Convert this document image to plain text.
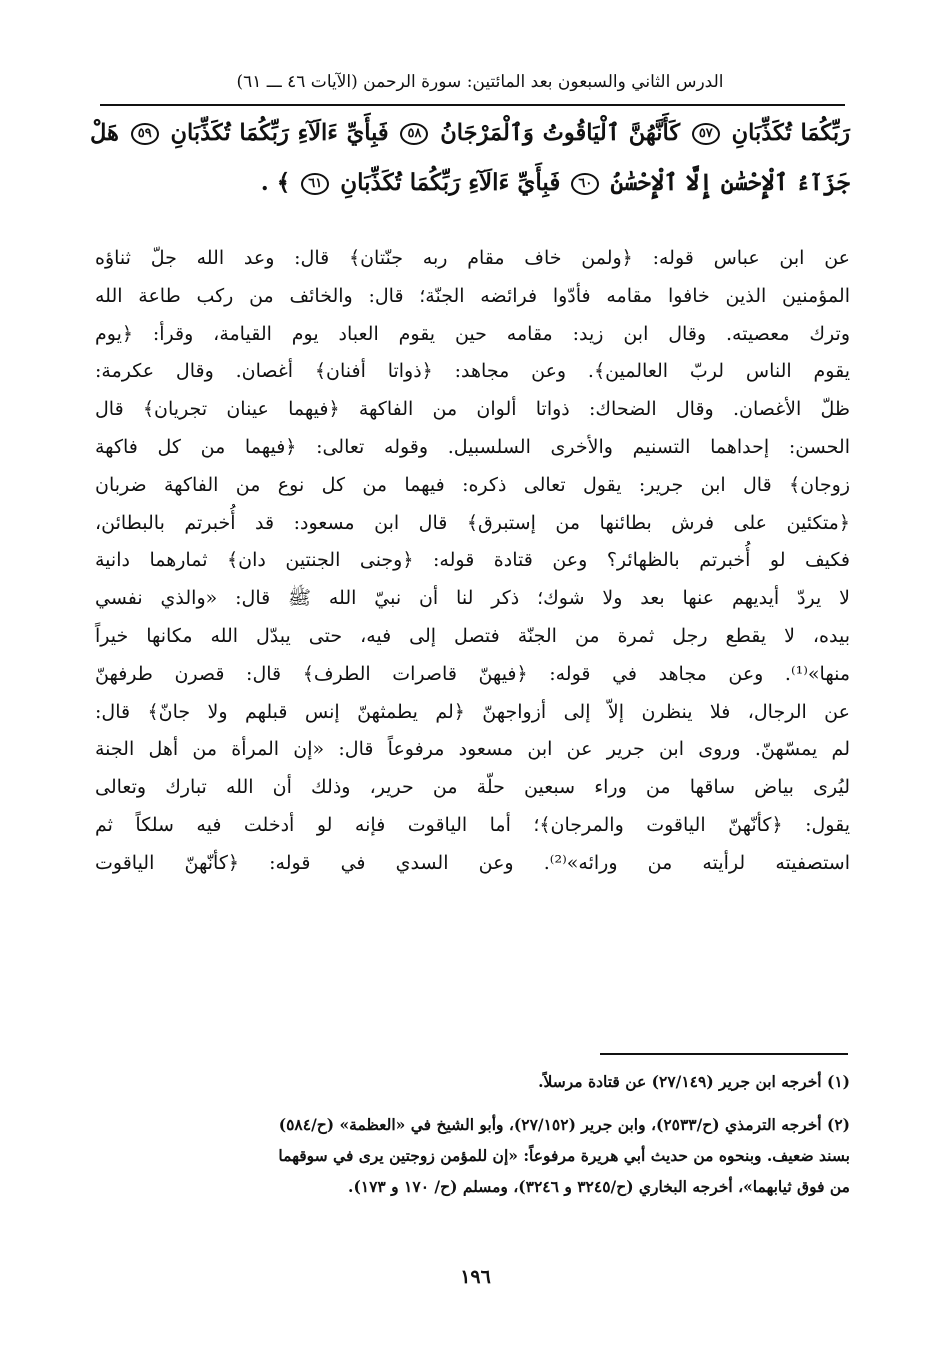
الدرس الثاني والسبعون بعد المائتين: سورة الرحمن (الآيات ٤٦ ـــ ٦١)
رَبِّكُمَا تُكَذِّبَانِ ٥٧ كَأَنَّهُنَّ ٱلْيَاقُوتُ وَٱلْمَرْجَانُ ٥٨ فَبِأَيِّ ءَالَآءِ رَبِّكُمَا تُكَذِّبَانِ ٥٩ هَلْ
جَزَآءُ ٱلْإِحْسَٰنِ إِلَّا ٱلْإِحْسَٰنُ ٦٠ فَبِأَيِّ ءَالَآءِ رَبِّكُمَا تُكَذِّبَانِ ٦١ ﴾ .
عن ابن عباس قوله: ﴿ولمن خاف مقام ربه جنّتان﴾ قال: وعد الله جلّ ثناؤه
المؤمنين الذين خافوا مقامه فأدّوا فرائضه الجنّة؛ قال: والخائف من ركب طاعة الله
وترك معصيته. وقال ابن زيد: مقامه حين يقوم العباد يوم القيامة، وقرأ: ﴿يوم
يقوم الناس لربّ العالمين﴾. وعن مجاهد: ﴿ذواتا أفنان﴾ أغصان. وقال عكرمة:
ظلّ الأغصان. وقال الضحاك: ذواتا ألوان من الفاكهة ﴿فيهما عينان تجريان﴾ قال
الحسن: إحداهما التسنيم والأخرى السلسبيل. وقوله تعالى: ﴿فيهما من كل فاكهة
زوجان﴾ قال ابن جرير: يقول تعالى ذكره: فيهما من كل نوع من الفاكهة ضربان
﴿متكئين على فرش بطائنها من إستبرق﴾ قال ابن مسعود: قد أُخبرتم بالبطائن،
فكيف لو أُخبرتم بالظهائر؟ وعن قتادة قوله: ﴿وجنى الجنتين دان﴾ ثمارهما دانية
لا يردّ أيديهم عنها بعد ولا شوك؛ ذكر لنا أن نبيّ الله ﷺ قال: «والذي نفسي
بيده، لا يقطع رجل ثمرة من الجنّة فتصل إلى فيه، حتى يبدّل الله مكانها خيراً
منها»⁽¹⁾. وعن مجاهد في قوله: ﴿فيهنّ قاصرات الطرف﴾ قال: قصرن طرفهنّ
عن الرجال، فلا ينظرن إلاّ إلى أزواجهنّ ﴿لم يطمثهنّ إنس قبلهم ولا جانّ﴾ قال:
لم يمسّهنّ. وروى ابن جرير عن ابن مسعود مرفوعاً قال: «إن المرأة من أهل الجنة
ليُرى بياض ساقها من وراء سبعين حلّة من حرير، وذلك أن الله تبارك وتعالى
يقول: ﴿كأنّهنّ الياقوت والمرجان﴾؛ أما الياقوت فإنه لو أدخلت فيه سلكاً ثم
استصفيته لرأيته من ورائه»⁽²⁾. وعن السدي في قوله: ﴿كأنّهنّ الياقوت
(١) أخرجه ابن جرير (٢٧/١٤٩) عن قتادة مرسلاً.
(٢) أخرجه الترمذي (ح/٢٥٣٣)، وابن جرير (٢٧/١٥٢)، وأبو الشيخ في «العظمة» (ح/٥٨٤)
بسند ضعيف. وبنحوه من حديث أبي هريرة مرفوعاً: «إن للمؤمن زوجتين يرى في سوقهما
من فوق ثيابهما»، أخرجه البخاري (ح/٣٢٤٥ و ٣٢٤٦)، ومسلم (ح/ ١٧٠ و ١٧٣).
١٩٦
